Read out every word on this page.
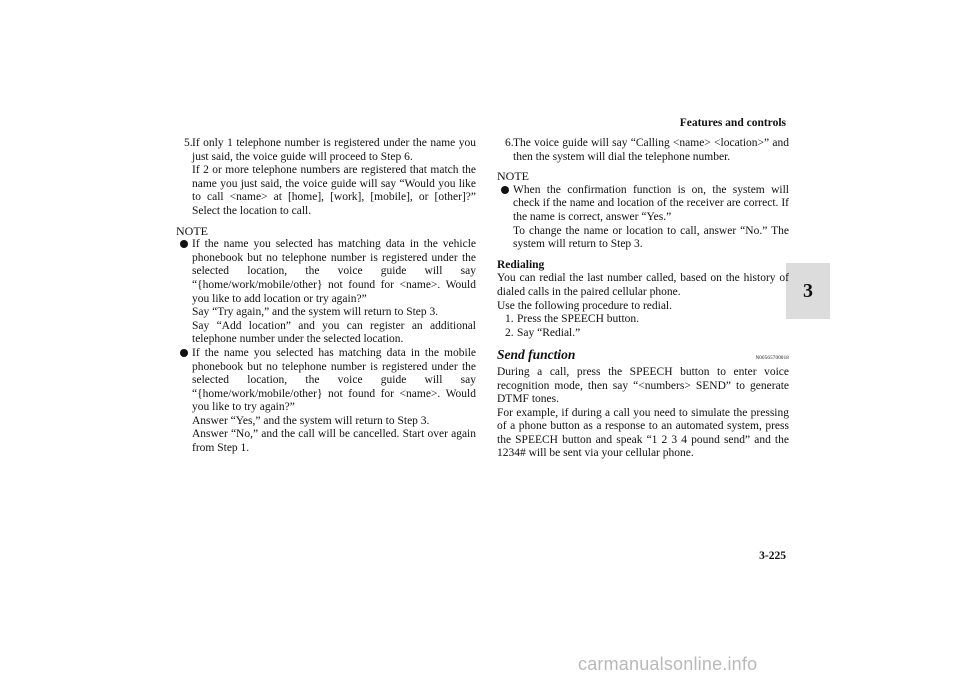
Features and controls
3
5. If only 1 telephone number is registered under the name you just said, the voice guide will proceed to Step 6.

If 2 or more telephone numbers are registered that match the name you just said, the voice guide will say “Would you like to call <name> at [home], [work], [mobile], or [other]?” Select the location to call.

NOTE

If the name you selected has matching data in the vehicle phonebook but no telephone number is registered under the selected location, the voice guide will say “{home/work/mobile/other} not found for <name>. Would you like to add location or try again?”

Say “Try again,” and the system will return to Step 3.

Say “Add location” and you can register an additional telephone number under the selected location.

If the name you selected has matching data in the mobile phonebook but no telephone number is registered under the selected location, the voice guide will say “{home/work/mobile/other} not found for <name>. Would you like to try again?”

Answer “Yes,” and the system will return to Step 3.

Answer “No,” and the call will be cancelled. Start over again from Step 1.

6. The voice guide will say “Calling <name> <location>” and then the system will dial the telephone number.

NOTE

When the confirmation function is on, the system will check if the name and location of the receiver are correct. If the name is correct, answer “Yes.”

To change the name or location to call, answer “No.” The system will return to Step 3.

Redialing

You can redial the last number called, based on the history of dialed calls in the paired cellular phone.

Use the following procedure to redial.

1. Press the SPEECH button.
2. Say “Redial.”
Send function	N00565700018

During a call, press the SPEECH button to enter voice recognition mode, then say “<numbers> SEND” to generate DTMF tones.

For example, if during a call you need to simulate the pressing of a phone button as a response to an automated system, press the SPEECH button and speak “1 2 3 4 pound send” and the 1234# will be sent via your cellular phone.

3-225
carmanualsonline.info
